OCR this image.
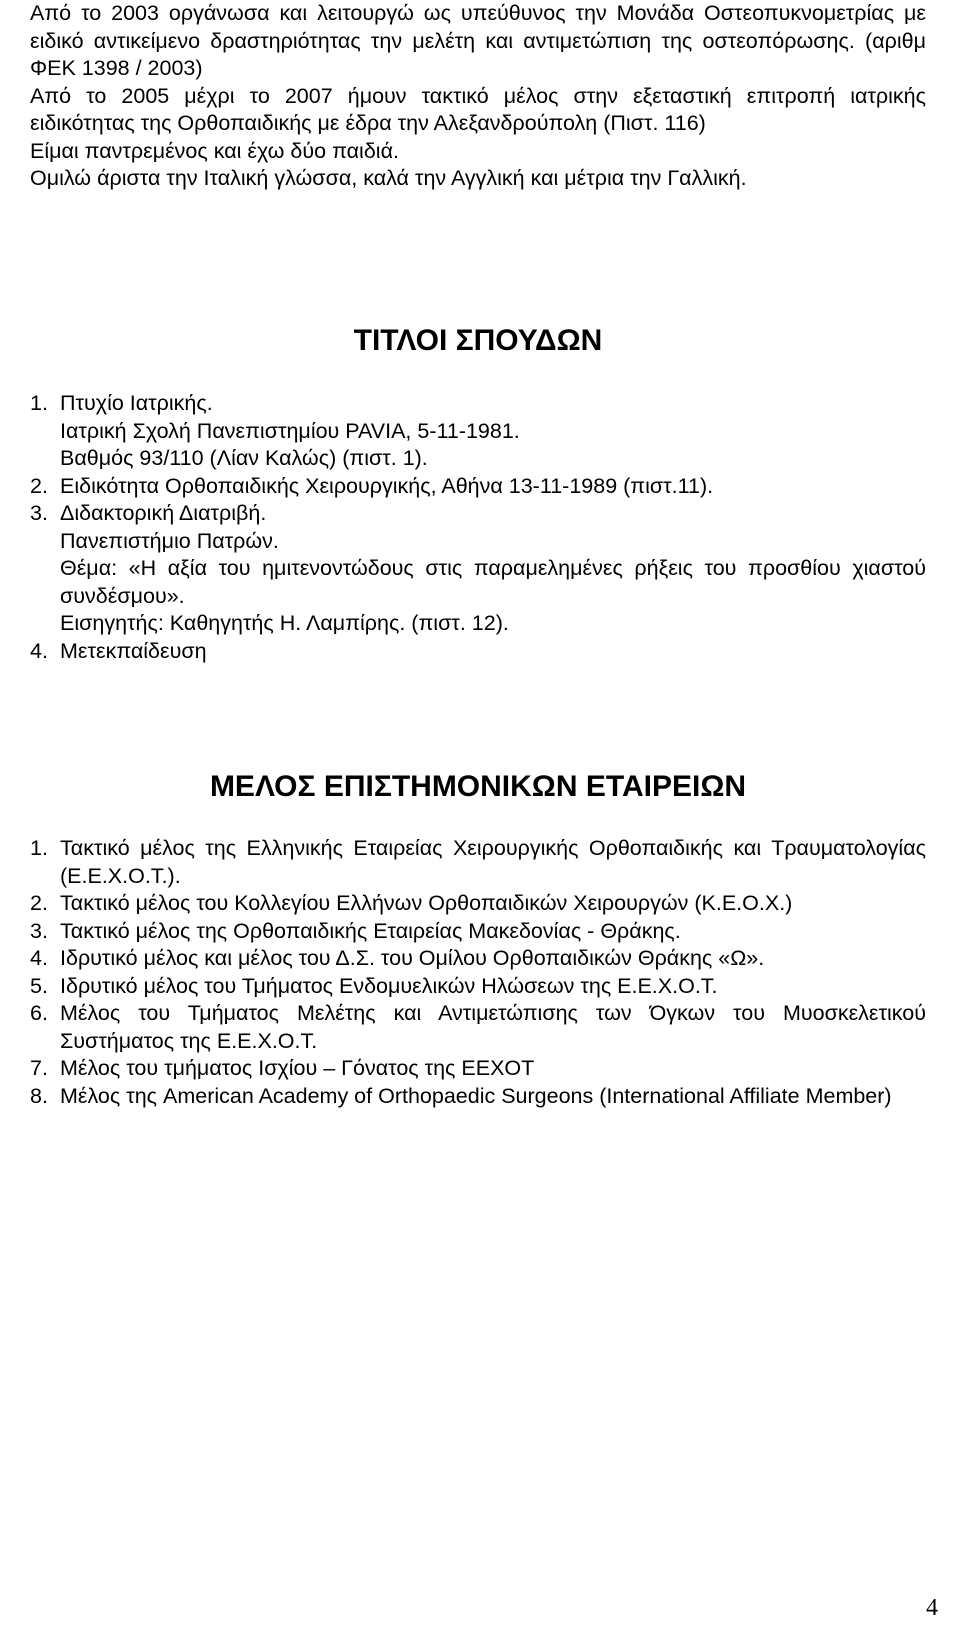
Από το 2003 οργάνωσα και λειτουργώ ως υπεύθυνος την Μονάδα Οστεοπυκνομετρίας με ειδικό αντικείμενο δραστηριότητας την μελέτη και αντιμετώπιση της οστεοπόρωσης. (αριθμ ΦΕΚ 1398 / 2003)
Από το 2005 μέχρι το 2007 ήμουν τακτικό μέλος στην εξεταστική επιτροπή ιατρικής ειδικότητας της Ορθοπαιδικής με έδρα την Αλεξανδρούπολη (Πιστ. 116)
Είμαι παντρεμένος και έχω δύο παιδιά.
Ομιλώ άριστα την Ιταλική γλώσσα, καλά την Αγγλική και μέτρια την Γαλλική.
ΤΙΤΛΟΙ ΣΠΟΥΔΩΝ
1. Πτυχίο Ιατρικής.
Ιατρική Σχολή Πανεπιστημίου PAVIA, 5-11-1981.
Βαθμός 93/110 (Λίαν Καλώς) (πιστ. 1).
2. Ειδικότητα Ορθοπαιδικής Χειρουργικής, Αθήνα 13-11-1989 (πιστ.11).
3. Διδακτορική Διατριβή.
Πανεπιστήμιο Πατρών.
Θέμα: «Η αξία του ημιτενοντώδους στις παραμελημένες ρήξεις του προσθίου χιαστού συνδέσμου».
Εισηγητής: Καθηγητής Η. Λαμπίρης. (πιστ. 12).
4. Μετεκπαίδευση
ΜΕΛΟΣ ΕΠΙΣΤΗΜΟΝΙΚΩΝ ΕΤΑΙΡΕΙΩΝ
1. Τακτικό μέλος της Ελληνικής Εταιρείας Χειρουργικής Ορθοπαιδικής και Τραυματολογίας (Ε.Ε.Χ.Ο.Τ.).
2. Τακτικό μέλος του Κολλεγίου Ελλήνων Ορθοπαιδικών Χειρουργών (Κ.Ε.Ο.Χ.)
3. Τακτικό μέλος της Ορθοπαιδικής Εταιρείας Μακεδονίας - Θράκης.
4. Ιδρυτικό μέλος και μέλος του Δ.Σ. του Ομίλου Ορθοπαιδικών Θράκης «Ω».
5. Ιδρυτικό μέλος του Τμήματος Ενδομυελικών Ηλώσεων της Ε.Ε.Χ.Ο.Τ.
6. Μέλος του Τμήματος Μελέτης και Αντιμετώπισης των Όγκων του Μυοσκελετικού Συστήματος της Ε.Ε.Χ.Ο.Τ.
7. Μέλος του τμήματος Ισχίου – Γόνατος της ΕΕΧΟΤ
8. Μέλος της American Academy of Orthopaedic Surgeons (International Affiliate Member)
4
